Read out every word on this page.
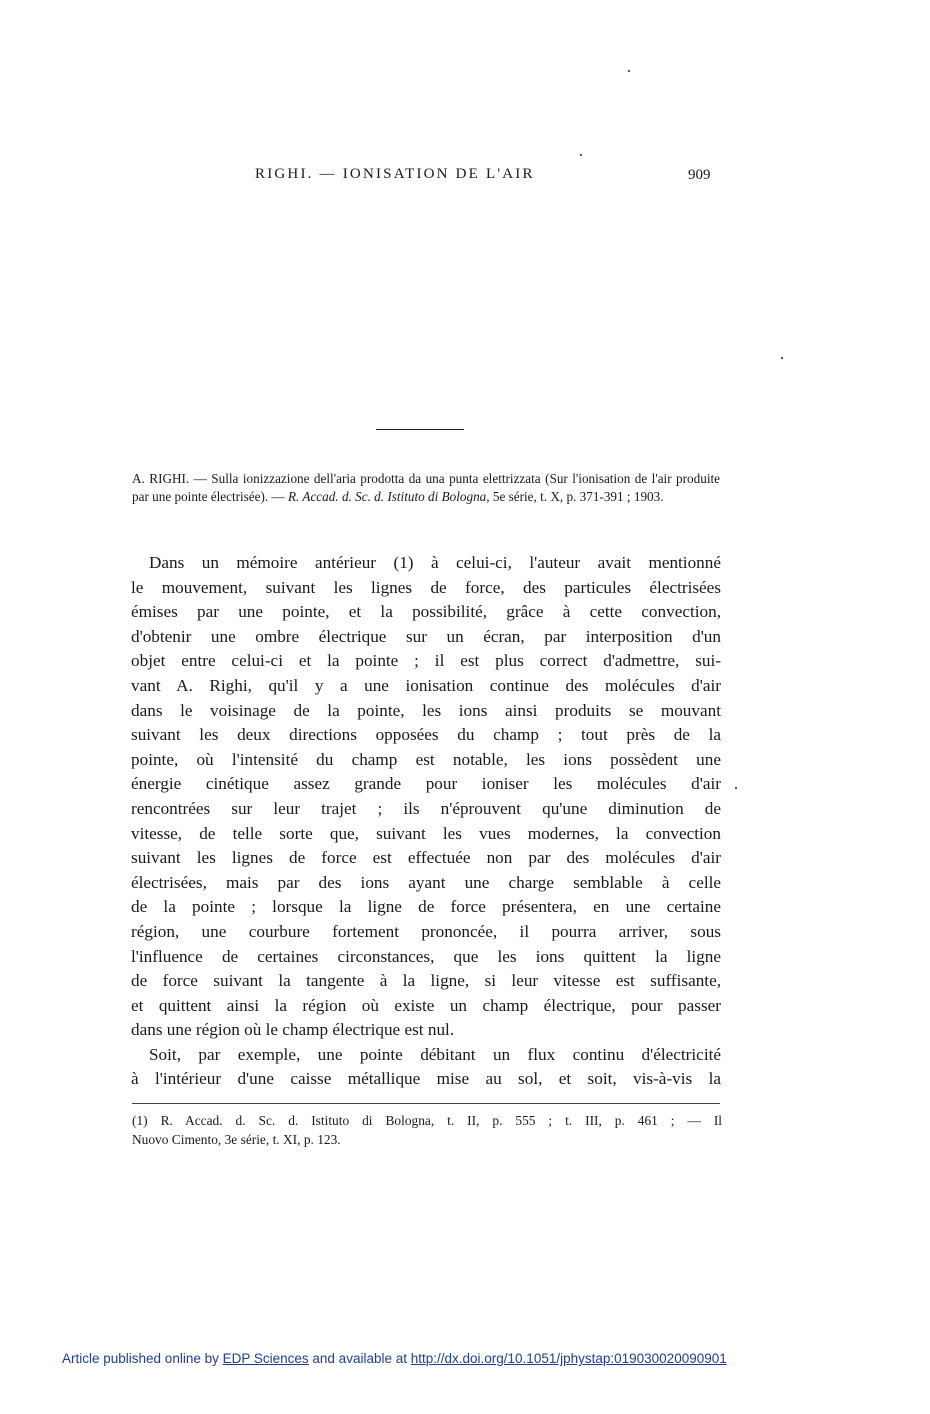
RIGHI. — IONISATION DE L'AIR	909
A. RIGHI. — Sulla ionizzazione dell'aria prodotta da una punta elettrizzata (Sur l'ionisation de l'air produite par une pointe électrisée). — R. Accad. d. Sc. d. Istituto di Bologna, 5e série, t. X, p. 371-391 ; 1903.
Dans un mémoire antérieur (1) à celui-ci, l'auteur avait mentionné
le mouvement, suivant les lignes de force, des particules électrisées
émises par une pointe, et la possibilité, grâce à cette convection,
d'obtenir une ombre électrique sur un écran, par interposition d'un
objet entre celui-ci et la pointe ; il est plus correct d'admettre, sui-
vant A. Righi, qu'il y a une ionisation continue des molécules d'air
dans le voisinage de la pointe, les ions ainsi produits se mouvant
suivant les deux directions opposées du champ ; tout près de la
pointe, où l'intensité du champ est notable, les ions possèdent une
énergie cinétique assez grande pour ioniser les molécules d'air
rencontrées sur leur trajet ; ils n'éprouvent qu'une diminution de
vitesse, de telle sorte que, suivant les vues modernes, la convection
suivant les lignes de force est effectuée non par des molécules d'air
électrisées, mais par des ions ayant une charge semblable à celle
de la pointe ; lorsque la ligne de force présentera, en une certaine
région, une courbure fortement prononcée, il pourra arriver, sous
l'influence de certaines circonstances, que les ions quittent la ligne
de force suivant la tangente à la ligne, si leur vitesse est suffisante,
et quittent ainsi la région où existe un champ électrique, pour passer
dans une région où le champ électrique est nul.
Soit, par exemple, une pointe débitant un flux continu d'électricité
à l'intérieur d'une caisse métallique mise au sol, et soit, vis-à-vis la
(1) R. Accad. d. Sc. d. Istituto di Bologna, t. II, p. 555 ; t. III, p. 461 ; — Il
Nuovo Cimento, 3e série, t. XI, p. 123.
Article published online by EDP Sciences and available at http://dx.doi.org/10.1051/jphystap:019030020090901
